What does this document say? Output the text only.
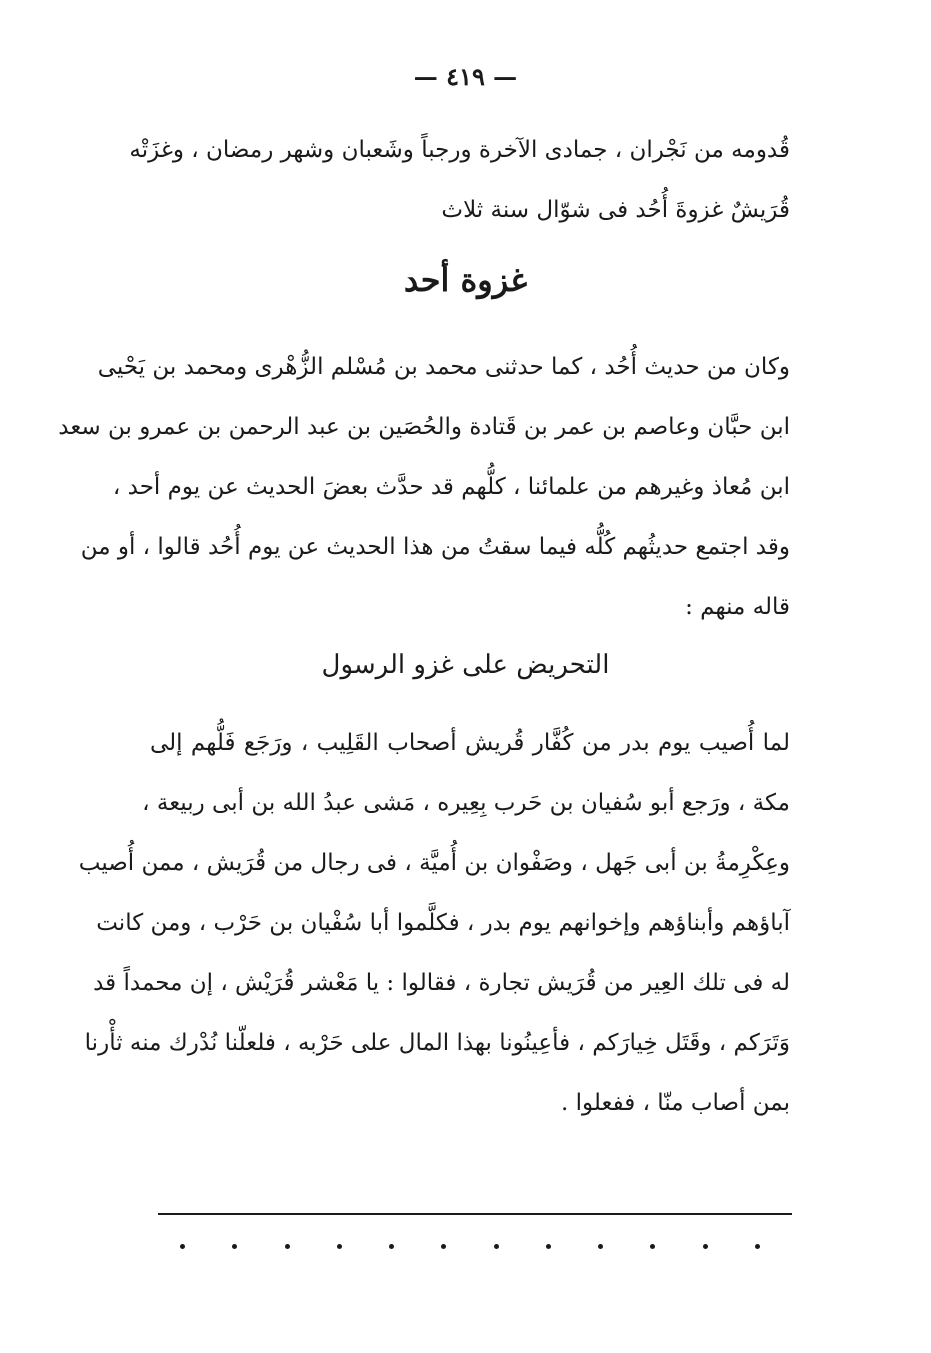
— ٤١٩ —
قُدومه من نَجْران ، جمادى الآخرة ورجباً وشَعبان وشهر رمضان ، وغزَتْه
قُرَيشٌ غزوةَ أُحُد فى شوّال سنة ثلاث
غزوة أحد
وكان من حديث أُحُد ، كما حدثنى محمد بن مُسْلم الزُّهْرى ومحمد بن يَحْيى
ابن حبَّان وعاصم بن عمر بن قَتادة والحُصَين بن عبد الرحمن بن عمرو بن سعد
ابن مُعاذ وغيرهم من علمائنا ، كلُّهم قد حدَّث بعضَ الحديث عن يوم أحد ،
وقد اجتمع حديثُهم كُلُّه فيما سقتُ من هذا الحديث عن يوم أُحُد قالوا ، أو من
قاله منهم :
التحريض على غزو الرسول
لما أُصيب يوم بدر من كُفَّار قُريش أصحاب القَلِيب ، ورَجَع فَلُّهم إلى
مكة ، ورَجع أبو سُفيان بن حَرب بِعِيره ، مَشى عبدُ الله بن أبى ربيعة ،
وعِكْرِمةُ بن أبى جَهل ، وصَفْوان بن أُميَّة ، فى رجال من قُرَيش ، ممن أُصيب
آباؤهم وأبناؤهم وإخوانهم يوم بدر ، فكلَّموا أبا سُفْيان بن حَرْب ، ومن كانت
له فى تلك العِير من قُرَيش تجارة ، فقالوا : يا مَعْشر قُرَيْش ، إن محمداً قد
وَتَرَكم ، وقَتَل خِيارَكم ، فأعِينُونا بهذا المال على حَرْبه ، فلعلّنا نُدْرك منه ثأْرنا
بمن أصاب منّا ، ففعلوا .
